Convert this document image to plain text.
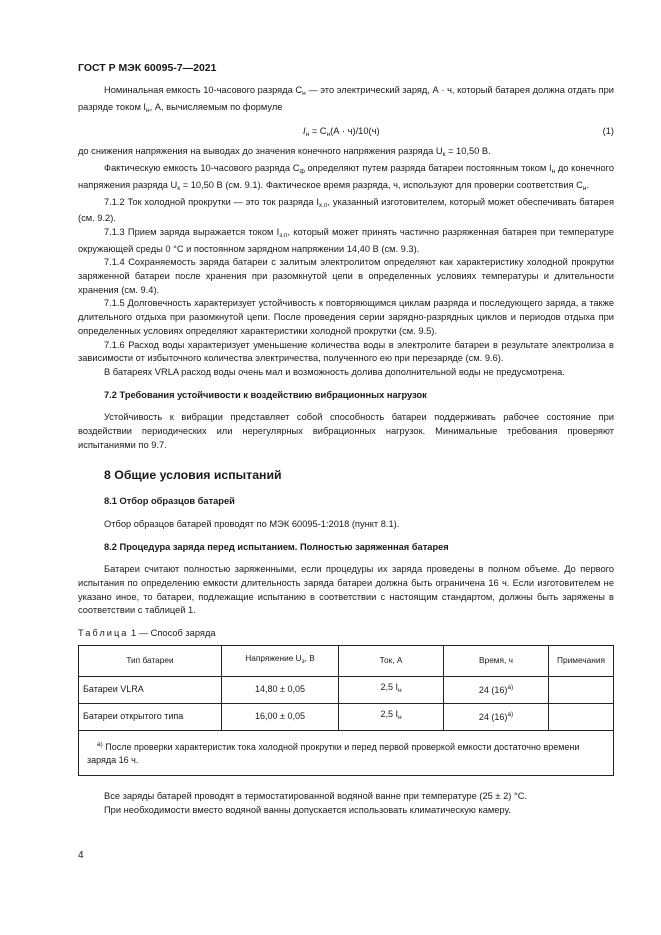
ГОСТ Р МЭК 60095-7—2021

Номинальная емкость 10-часового разряда $C_н$ — это электрический заряд, А · ч, который батарея должна отдать при разряде током $I_н$, А, вычисляемым по формуле

$I_н = C_н(А \cdot ч)/10(ч)$	(1)

до снижения напряжения на выводах до значения конечного напряжения разряда $U_к = 10,50$ В.

Фактическую емкость 10-часового разряда $C_ф$ определяют путем разряда батареи постоянным током $I_н$ до конечного напряжения разряда $U_к = 10,50$ В (см. 9.1). Фактическое время разряда, ч, используют для проверки соответствия $C_н$.

7.1.2 Ток холодной прокрутки — это ток разряда $I_{х.п}$, указанный изготовителем, который может обеспечивать батарея (см. 9.2).

7.1.3 Прием заряда выражается током $I_{з.п}$, который может принять частично разряженная батарея при температуре окружающей среды 0 °С и постоянном зарядном напряжении 14,40 В (см. 9.3).

7.1.4 Сохраняемость заряда батареи с залитым электролитом определяют как характеристику холодной прокрутки заряженной батареи после хранения при разомкнутой цепи в определенных условиях температуры и длительности хранения (см. 9.4).

7.1.5 Долговечность характеризует устойчивость к повторяющимся циклам разряда и последующего заряда, а также длительного отдыха при разомкнутой цепи. После проведения серии зарядно-разрядных циклов и периодов отдыха при определенных условиях определяют характеристики холодной прокрутки (см. 9.5).

7.1.6 Расход воды характеризует уменьшение количества воды в электролите батареи в результате электролиза в зависимости от избыточного количества электричества, полученного ею при перезаряде (см. 9.6).

В батареях VRLA расход воды очень мал и возможность долива дополнительной воды не предусмотрена.

7.2 Требования устойчивости к воздействию вибрационных нагрузок

Устойчивость к вибрации представляет собой способность батареи поддерживать рабочее состояние при воздействии периодических или нерегулярных вибрационных нагрузок. Минимальные требования проверяют испытаниями по 9.7.

8 Общие условия испытаний

8.1 Отбор образцов батарей

Отбор образцов батарей проводят по МЭК 60095-1:2018 (пункт 8.1).

8.2 Процедура заряда перед испытанием. Полностью заряженная батарея

Батареи считают полностью заряженными, если процедуры их заряда проведены в полном объеме. До первого испытания по определению емкости длительность заряда батареи должна быть ограничена 16 ч. Если изготовителем не указано иное, то батареи, подлежащие испытанию в соответствии с настоящим стандартом, должны быть заряжены в соответствии с таблицей 1.

Таблица 1 — Способ заряда

Тип батареи	Напряжение $U_з$, В	Ток, А	Время, ч	Примечания
Батареи VLRA	14,80 ± 0,05	2,5 $I_н$	24 $(16)^{а)}$	
Батареи открытого типа	16,00 ± 0,05	2,5 $I_н$	24 $(16)^{а)}$	
$^{а)}$ После проверки характеристик тока холодной прокрутки и перед первой проверкой емкости достаточно времени заряда 16 ч.				

Все заряды батарей проводят в термостатированной водяной ванне при температуре (25 ± 2) °С.

При необходимости вместо водяной ванны допускается использовать климатическую камеру.

4
